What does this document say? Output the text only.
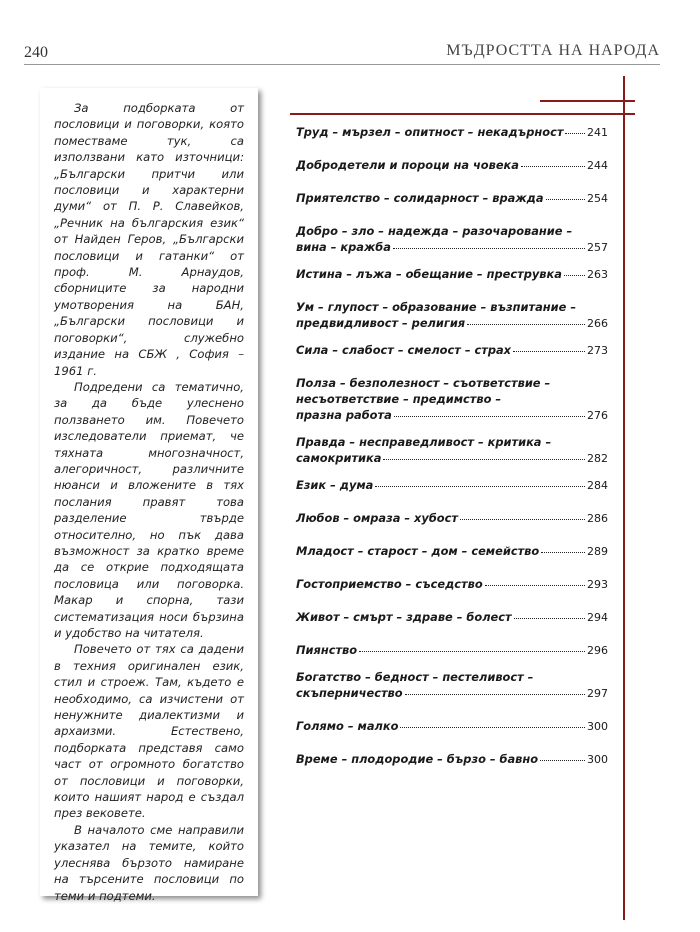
240	МЪДРОСТТА НА НАРОДА

За подборката от пословици и поговорки, която поместваме тук, са използвани като източници: „Български притчи или пословици и характерни думи“ от П. Р. Славейков, „Речник на българския език“ от Найден Геров, „Български пословици и гатанки“ от проф. М. Арнаудов, сборниците за народни умотворения на БАН, „Български пословици и поговорки“, служебно издание на СБЖ , София – 1961 г.

Подредени са тематично, за да бъде улеснено ползването им. Повечето изследователи приемат, че тяхната многозначност, алегоричност, различните нюанси и вложените в тях послания правят това разделение твърде относително, но пък дава възможност за кратко време да се открие подходящата пословица или поговорка. Макар и спорна, тази систематизация носи бързина и удобство на читателя.

Повечето от тях са дадени в техния оригинален език, стил и строеж. Там, където е необходимо, са изчистени от ненужните диалектизми и архаизми. Естествено, подборката представя само част от огромното богатство от пословици и поговорки, които нашият народ е създал през вековете.

В началото сме направили указател на темите, който улеснява бързото намиране на търсените пословици по теми и подтеми.

Труд – мързел – опитност – некадърност 241
Добродетели и пороци на човека	244
Приятелство – солидарност – вражда	254
Добро – зло – надежда – разочарование –
вина – кражба	257
Истина – лъжа – обещание – преструвка 263
Ум – глупост – образование – възпитание –
предвидливост – религия	266
Сила – слабост – смелост – страх	273
Полза – безполезност – съответствие –
несъответствие – предимство –
празна работа	276
Правда – несправедливост – критика –
самокритика	282
Език – дума	284
Любов – омраза – хубост	286
Младост – старост – дом – семейство	289
Гостоприемство – съседство	293
Живот – смърт – здраве – болест	294
Пиянство	296
Богатство – бедност – пестеливост –
скъперничество	297
Голямо – малко	300
Време – плодородие – бързо – бавно	300
